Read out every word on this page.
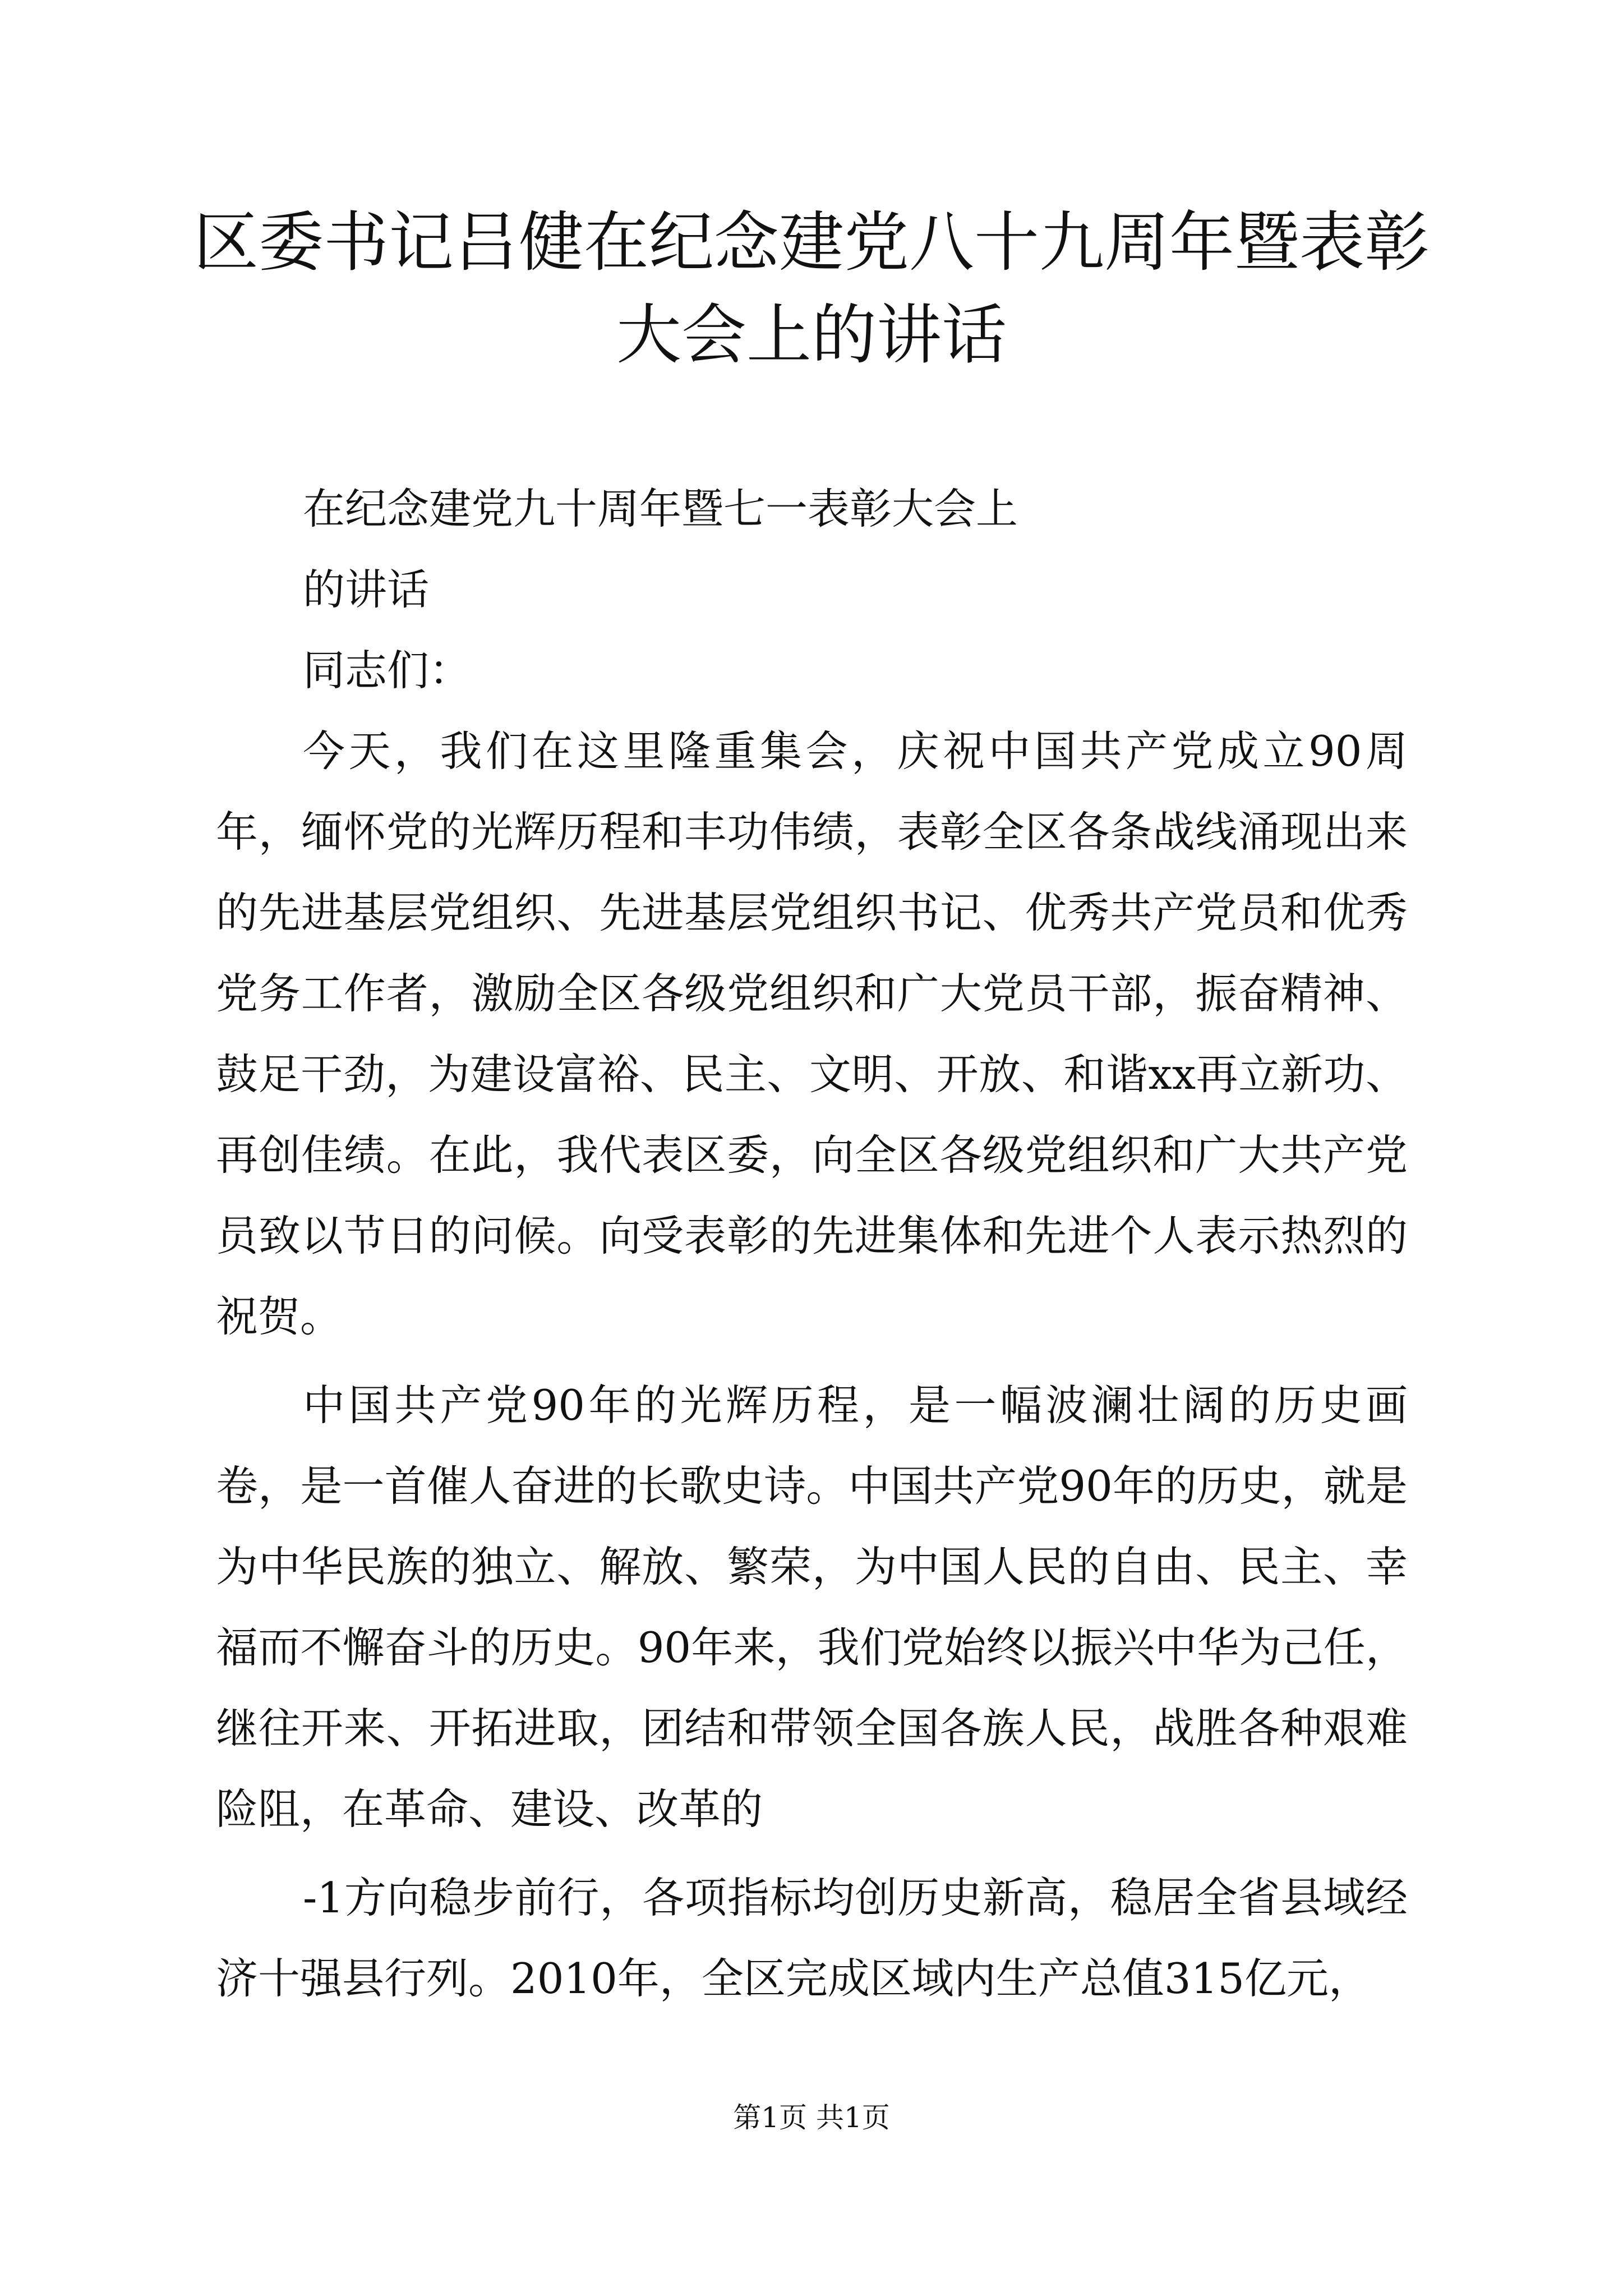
区委书记吕健在纪念建党八十九周年暨表彰大会上的讲话
在纪念建党九十周年暨七一表彰大会上
的讲话
同志们：

今天，我们在这里隆重集会，庆祝中国共产党成立90周年，缅怀党的光辉历程和丰功伟绩，表彰全区各条战线涌现出来的先进基层党组织、先进基层党组织书记、优秀共产党员和优秀党务工作者，激励全区各级党组织和广大党员干部，振奋精神、鼓足干劲，为建设富裕、民主、文明、开放、和谐xx再立新功、再创佳绩。在此，我代表区委，向全区各级党组织和广大共产党员致以节日的问候。向受表彰的先进集体和先进个人表示热烈的祝贺。

中国共产党90年的光辉历程，是一幅波澜壮阔的历史画卷，是一首催人奋进的长歌史诗。中国共产党90年的历史，就是为中华民族的独立、解放、繁荣，为中国人民的自由、民主、幸福而不懈奋斗的历史。90年来，我们党始终以振兴中华为己任，继往开来、开拓进取，团结和带领全国各族人民，战胜各种艰难险阻，在革命、建设、改革的

-1方向稳步前行，各项指标均创历史新高，稳居全省县域经济十强县行列。2010年，全区完成区域内生产总值315亿元，

第1页 共1页
